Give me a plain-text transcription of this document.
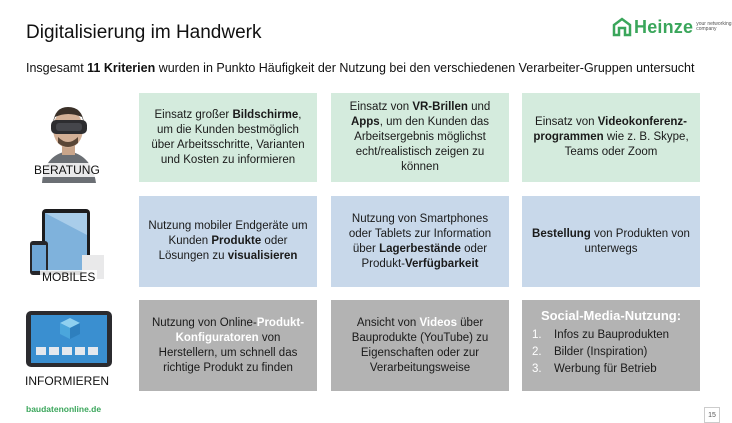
Digitalisierung im Handwerk	Heinze your networking company
Insgesamt 11 Kriterien wurden in Punkto Häufigkeit der Nutzung bei den verschiedenen Verarbeiter-Gruppen untersucht
BERATUNG
MOBILES
INFORMIEREN
Einsatz großer Bildschirme, um die Kunden bestmöglich über Arbeitsschritte, Varianten und Kosten zu informieren
Einsatz von VR-Brillen und Apps, um den Kunden das Arbeitsergebnis möglichst echt/realistisch zeigen zu können
Einsatz von Videokonferenz-programmen wie z. B. Skype, Teams oder Zoom
Nutzung mobiler Endgeräte um Kunden Produkte oder Lösungen zu visualisieren
Nutzung von Smartphones oder Tablets zur Information über Lagerbestände oder Produkt-Verfügbarkeit
Bestellung von Produkten von unterwegs
Nutzung von Online-Produkt-Konfiguratoren von Herstellern, um schnell das richtige Produkt zu finden
Ansicht von Videos über Bauprodukte (YouTube) zu Eigenschaften oder zur Verarbeitungsweise
Social-Media-Nutzung:
1.	Infos zu Bauprodukten
2.	Bilder (Inspiration)
3.	Werbung für Betrieb
baudatenonline.de
15
